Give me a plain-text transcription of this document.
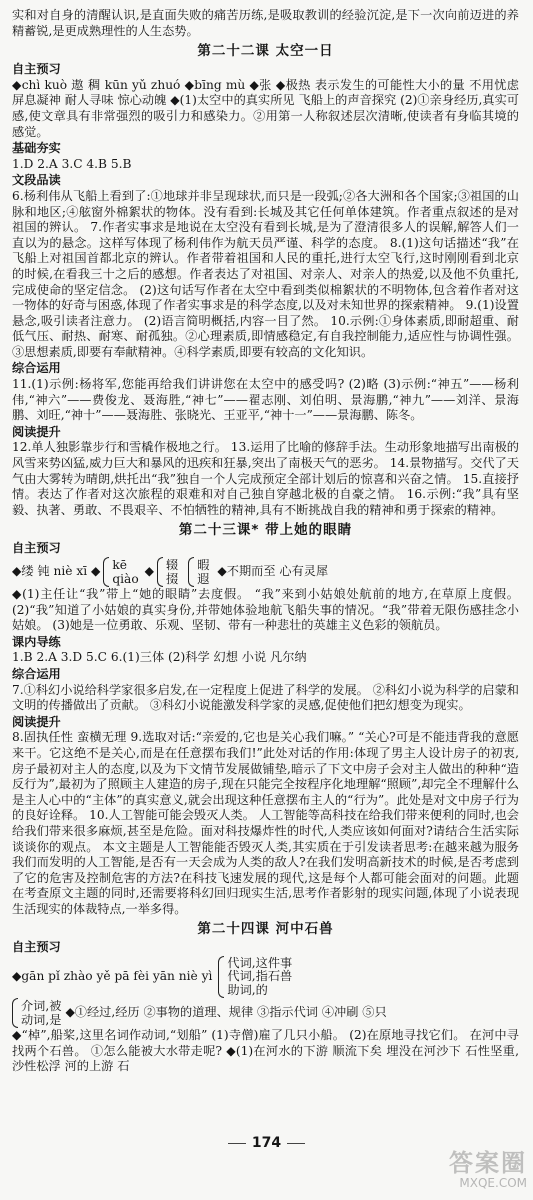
实和对自身的清醒认识,是直面失败的痛苦历练,是吸取教训的经验沉淀,是下一次向前迈进的养精蓄锐,是更成熟理性的人生态势。

第二十二课 太空一日
自主预习

◆chì kuò 遨 稠 kūn yǔ zhuó ◆bīng mù ◆张 ◆极热 表示发生的可能性大小的量 不用忧虑 屏息凝神 耐人寻味 惊心动魄 ◆(1)太空中的真实所见 飞船上的声音探究 (2)①亲身经历,真实可感,使文章具有非常强烈的吸引力和感染力。②用第一人称叙述层次清晰,使读者有身临其境的感觉。

基础夯实

1.D 2.A 3.C 4.B 5.B

文段品读

6.杨利伟从飞船上看到了:①地球并非呈现球状,而只是一段弧;②各大洲和各个国家;③祖国的山脉和地区;④舷窗外棉絮状的物体。没有看到:长城及其它任何单体建筑。作者重点叙述的是对祖国的辨认。 7.作者实事求是地说在太空没有看到长城,是为了澄清很多人的误解,解答人们一直以为的悬念。这样写体现了杨利伟作为航天员严谨、科学的态度。 8.(1)这句话描述“我”在飞船上对祖国首都北京的辨认。作者带着祖国和人民的重托,进行太空飞行,这时刚刚看到北京的时候,在看我三十之后的感想。作者表达了对祖国、对亲人、对亲人的热爱,以及他不负重托,完成使命的坚定信念。 (2)这句话写作者在太空中看到类似棉絮状的不明物体,包含着作者对这一物体的好奇与困惑,体现了作者实事求是的科学态度,以及对未知世界的探索精神。 9.(1)设置悬念,吸引读者注意力。 (2)语言简明概括,内容一目了然。 10.示例:①身体素质,即耐超重、耐低气压、耐热、耐寒、耐孤独。②心理素质,即情感稳定,有自我控制能力,适应性与协调性强。③思想素质,即要有奉献精神。④科学素质,即要有较高的文化知识。

综合运用

11.(1)示例:杨将军,您能再给我们讲讲您在太空中的感受吗? (2)略 (3)示例:“神五”——杨利伟,“神六”——费俊龙、聂海胜,“神七”——翟志刚、刘伯明、景海鹏,“神九”——刘洋、景海鹏、刘旺,“神十”——聂海胜、张晓光、王亚平,“神十一”——景海鹏、陈冬。

阅读提升

12.单人独影靠步行和雪橇作极地之行。 13.运用了比喻的修辞手法。生动形象地描写出南极的风雪来势凶猛,威力巨大和暴风的迅疾和狂暴,突出了南极天气的恶劣。 14.景物描写。交代了天气由大雾转为晴朗,烘托出“我”独自一个人完成预定全部计划后的惊喜和兴奋之情。 15.直接抒情。表达了作者对这次旅程的艰难和对自己独自穿越北极的自豪之情。 16.示例:“我”具有坚毅、执著、勇敢、不畏艰辛、不怕牺牲的精神,具有不断挑战自我的精神和勇于探索的精神。

第二十三课* 带上她的眼睛
自主预习
◆缕 钝 niè xī ◆ kē
qiào
◆ 辍
掇
暇
遐
◆不期而至 心有灵犀

◆(1)主任让“我”带上“她的眼睛”去度假。 “我”来到小姑娘处航前的地方,在草原上度假。 (2)“我”知道了小姑娘的真实身份,并带她体验地航飞船失事的情况。“我”带着无限伤感挂念小姑娘。 (3)她是一位勇敢、乐观、坚韧、带有一种悲壮的英雄主义色彩的领航员。

课内导练

1.B 2.A 3.D 5.C 6.(1)三体 (2)科学 幻想 小说 凡尔纳

综合运用

7.①科幻小说给科学家很多启发,在一定程度上促进了科学的发展。 ②科幻小说为科学的启蒙和文明的传播做出了贡献。 ③科幻小说能激发科学家的灵感,促使他们把幻想变为现实。

阅读提升

8.固执任性 蛮横无理 9.选取对话:“亲爱的,它也是关心我们嘛。” “关心?可是不能违背我的意愿来干。它这绝不是关心,而是在任意摆布我们!”此处对话的作用:体现了男主人设计房子的初衷,房子最初对主人的态度,以及为下文情节发展做铺垫,暗示了下文中房子会对主人做出的种种“造反行为”,最初为了照顾主人建造的房子,现在只能完全按程序化地理解“照顾”,却完全不理解什么是主人心中的“主体”的真实意义,就会出现这种任意摆布主人的“行为”。此处是对文中房子行为的良好诠释。 10.人工智能可能会毁灭人类。 人工智能等高科技在给我们带来便利的同时,也会给我们带来很多麻烦,甚至是危险。面对科技爆炸性的时代,人类应该如何面对?请结合生活实际谈谈你的观点。 本文主题是人工智能能否毁灭人类,其实质在于引发读者思考:在越来越为服务我们而发明的人工智能,是否有一天会成为人类的敌人?在我们发明高新技术的时候,是否考虑到了它的危害及控制危害的方法?在科技飞速发展的现代,这是每个人都可能会面对的问题。此题在考查原文主题的同时,还需要将科幻回归现实生活,思考作者影射的现实问题,体现了小说表现生活现实的体裁特点,一举多得。

第二十四课 河中石兽
自主预习
◆gān pǐ zhào yě pā fèi yān niè yì
代词,这件事
代词,指石兽
助词,的
介词,被
动词,是
◆①经过,经历 ②事物的道理、规律 ③指示代词 ④冲刷 ⑤只

◆“棹”,船桨,这里名词作动词,“划船” (1)寺僧)雇了几只小船。 (2)在原地寻找它们。 在河中寻找两个石兽。 ①怎么能被大水带走呢? ◆(1)在河水的下游 顺流下矣 埋没在河沙下 石性坚重,沙性松浮 河的上游 石

174
答案圈
MXQE.COM
